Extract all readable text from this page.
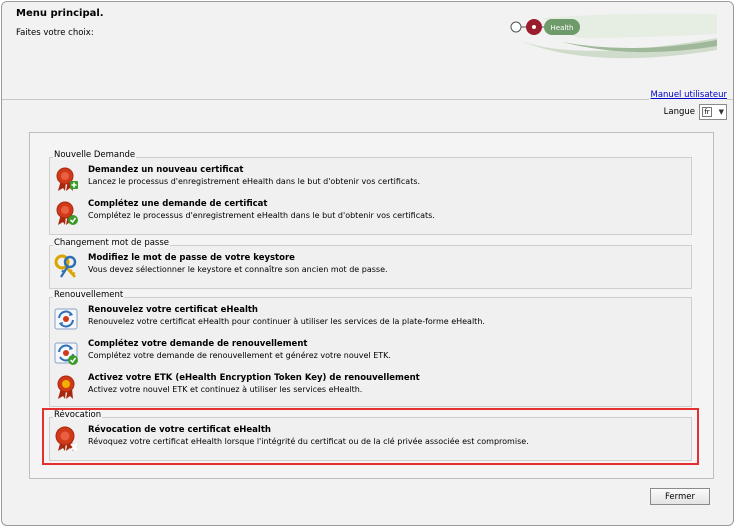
Menu principal.
Faites votre choix:	Health
Manuel utilisateur
Langue	fr	▼
Nouvelle Demande
Demandez un nouveau certificat
Lancez le processus d'enregistrement eHealth dans le but d'obtenir vos certificats.
Complétez une demande de certificat
Complétez le processus d'enregistrement eHealth dans le but d'obtenir vos certificats.
Changement mot de passe
Modifiez le mot de passe de votre keystore
Vous devez sélectionner le keystore et connaître son ancien mot de passe.
Renouvellement
Renouvelez votre certificat eHealth
Renouvelez votre certificat eHealth pour continuer à utiliser les services de la plate-forme eHealth.
Complétez votre demande de renouvellement
Complétez votre demande de renouvellement et générez votre nouvel ETK.
Activez votre ETK (eHealth Encryption Token Key) de renouvellement
Activez votre nouvel ETK et continuez à utiliser les services eHealth.
Révocation
Révocation de votre certificat eHealth
Révoquez votre certificat eHealth lorsque l'intégrité du certificat ou de la clé privée associée est compromise.
Fermer
